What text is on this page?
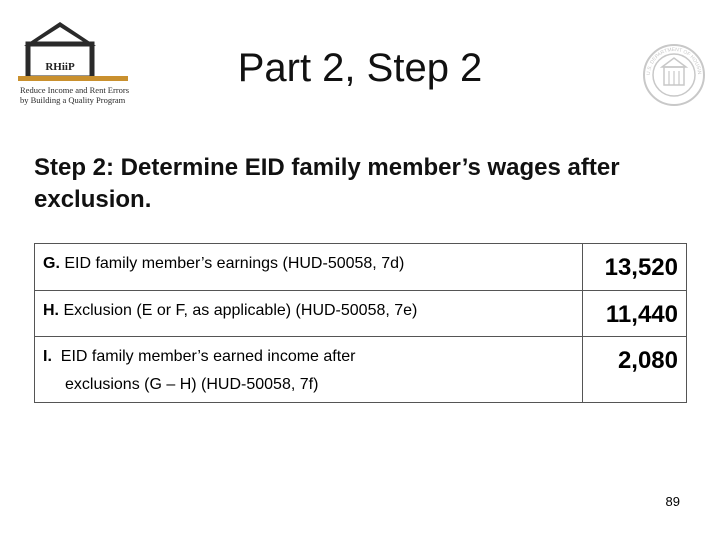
RHiiP
Reduce Income and Rent Errors by Building a Quality Program
U.S. DEPARTMENT OF HOUSIN
Part 2, Step 2
Step 2: Determine EID family member’s wages after exclusion.
G. EID family member’s earnings (HUD-50058, 7d)	13,520

H. Exclusion (E or F, as applicable) (HUD-50058, 7e)	11,440

I. EID family member’s earned income after
exclusions (G – H) (HUD-50058, 7f)	2,080
89
